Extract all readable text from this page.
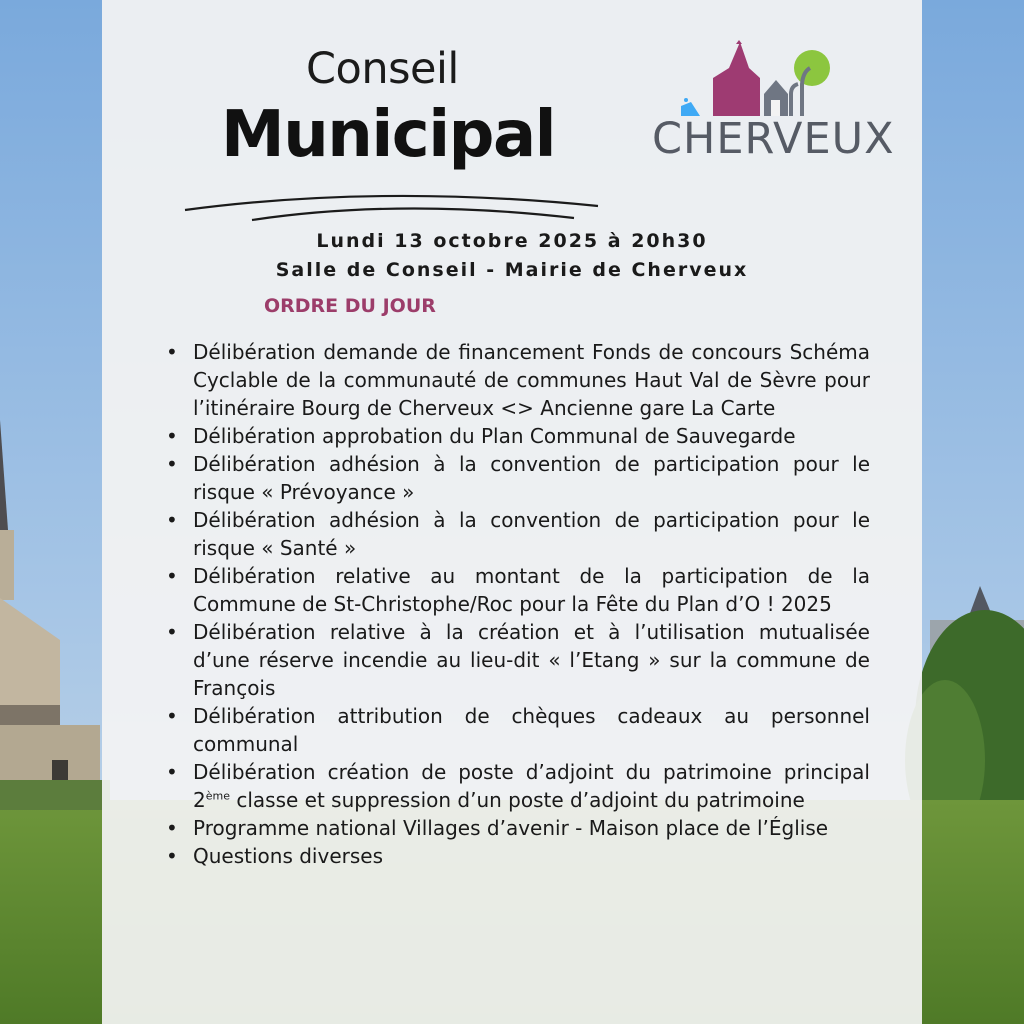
Conseil
Municipal CHERVEUX
Lundi 13 octobre 2025 à 20h30
Salle de Conseil - Mairie de Cherveux
ORDRE DU JOUR
• Délibération demande de financement Fonds de concours Schéma Cyclable de la communauté de communes Haut Val de Sèvre pour l’itinéraire Bourg de Cherveux <> Ancienne gare La Carte
• Délibération approbation du Plan Communal de Sauvegarde
• Délibération adhésion à la convention de participation pour le risque « Prévoyance »
• Délibération adhésion à la convention de participation pour le risque « Santé »
• Délibération relative au montant de la participation de la Commune de St-Christophe/Roc pour la Fête du Plan d’O ! 2025
• Délibération relative à la création et à l’utilisation mutualisée d’une réserve incendie au lieu-dit « l’Etang » sur la commune de François
• Délibération attribution de chèques cadeaux au personnel communal
• Délibération création de poste d’adjoint du patrimoine principal 2ème classe et suppression d’un poste d’adjoint du patrimoine
• Programme national Villages d’avenir - Maison place de l’Église
• Questions diverses
